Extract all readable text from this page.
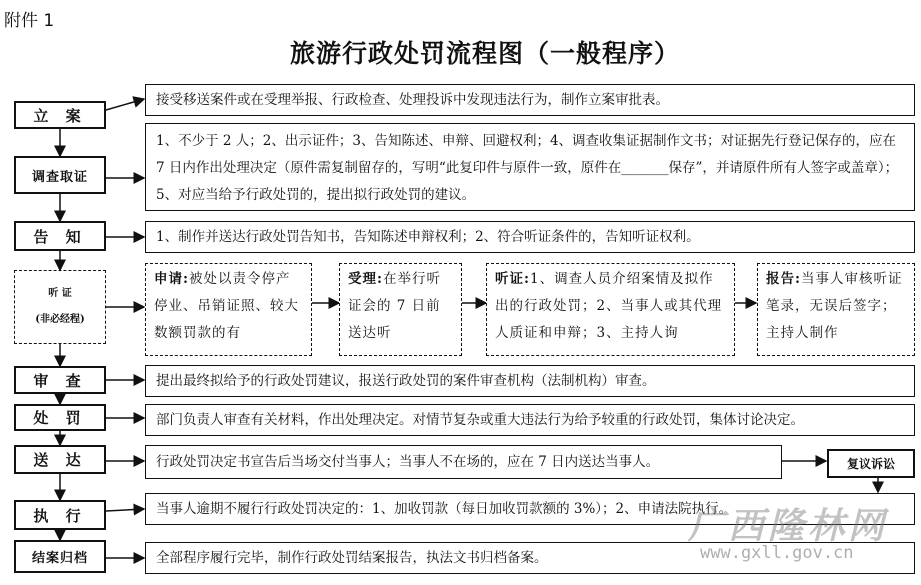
附件 1
旅游行政处罚流程图（一般程序）
立 案
调查取证
告 知
听 证
(非必经程)
审 查
处 罚
送 达
执 行
结案归档
接受移送案件或在受理举报、行政检查、处理投诉中发现违法行为，制作立案审批表。
1、不少于 2 人；2、出示证件；3、告知陈述、申辩、回避权利；4、调查收集证据制作文书；对证据先行登记保存的，应在 7 日内作出处理决定（原件需复制留存的，写明“此复印件与原件一致，原件在_______保存”，并请原件所有人签字或盖章）；5、对应当给予行政处罚的，提出拟行政处罚的建议。
1、制作并送达行政处罚告知书，告知陈述申辩权利；2、符合听证条件的，告知听证权利。
申请:被处以责令停产停业、吊销证照、较大数额罚款的有
受理:在举行听证会的 7 日前送达听
听证:1、调查人员介绍案情及拟作出的行政处罚；2、当事人或其代理人质证和申辩；3、主持人询
报告:当事人审核听证笔录，无误后签字；主持人制作
提出最终拟给予的行政处罚建议，报送行政处罚的案件审查机构（法制机构）审查。
部门负责人审查有关材料，作出处理决定。对情节复杂或重大违法行为给予较重的行政处罚，集体讨论决定。
行政处罚决定书宣告后当场交付当事人；当事人不在场的，应在 7 日内送达当事人。	复议诉讼
当事人逾期不履行行政处罚决定的：1、加收罚款（每日加收罚款额的 3%）；2、申请法院执行。
全部程序履行完毕，制作行政处罚结案报告，执法文书归档备案。
广西隆林网
www.gxll.gov.cn
